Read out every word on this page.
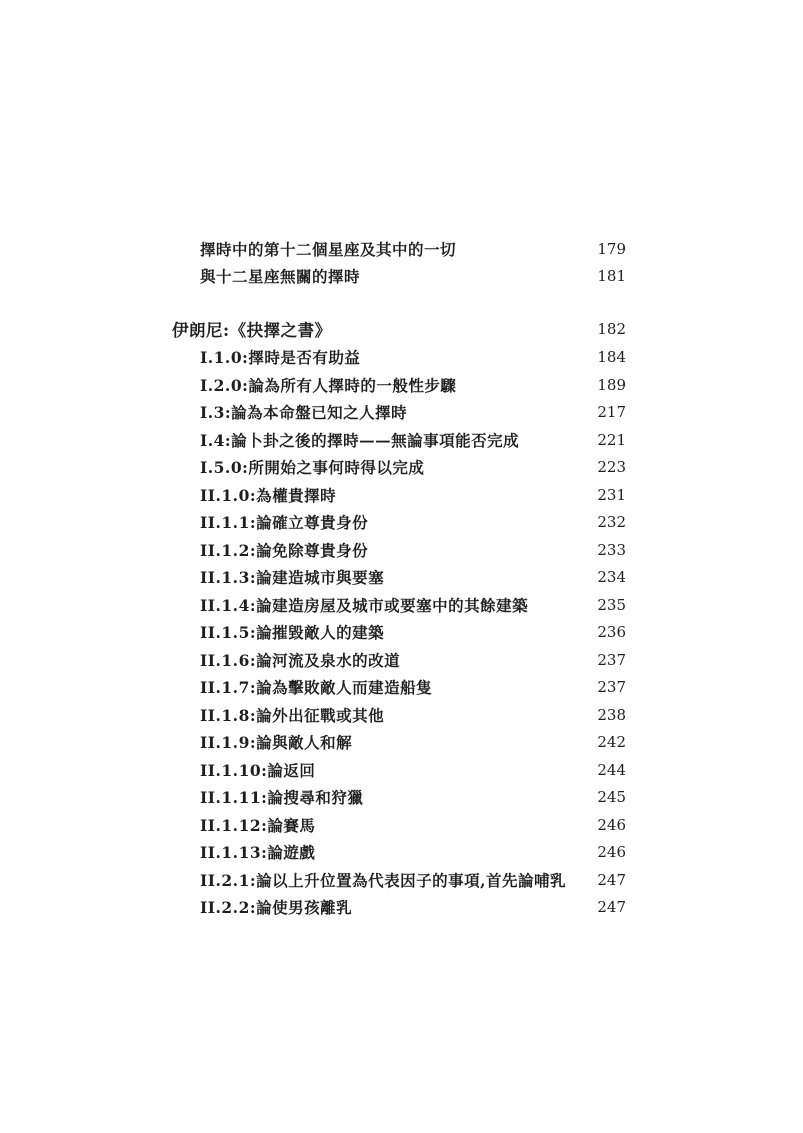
擇時中的第十二個星座及其中的一切	179
與十二星座無關的擇時	181
伊朗尼:《抉擇之書》	182
I.1.0:擇時是否有助益	184
I.2.0:論為所有人擇時的一般性步驟	189
I.3:論為本命盤已知之人擇時	217
I.4:論卜卦之後的擇時——無論事項能否完成	221
I.5.0:所開始之事何時得以完成	223
II.1.0:為權貴擇時	231
II.1.1:論確立尊貴身份	232
II.1.2:論免除尊貴身份	233
II.1.3:論建造城市與要塞	234
II.1.4:論建造房屋及城市或要塞中的其餘建築	235
II.1.5:論摧毀敵人的建築	236
II.1.6:論河流及泉水的改道	237
II.1.7:論為擊敗敵人而建造船隻	237
II.1.8:論外出征戰或其他	238
II.1.9:論與敵人和解	242
II.1.10:論返回	244
II.1.11:論搜尋和狩獵	245
II.1.12:論賽馬	246
II.1.13:論遊戲	246
II.2.1:論以上升位置為代表因子的事項,首先論哺乳	247
II.2.2:論使男孩離乳	247
